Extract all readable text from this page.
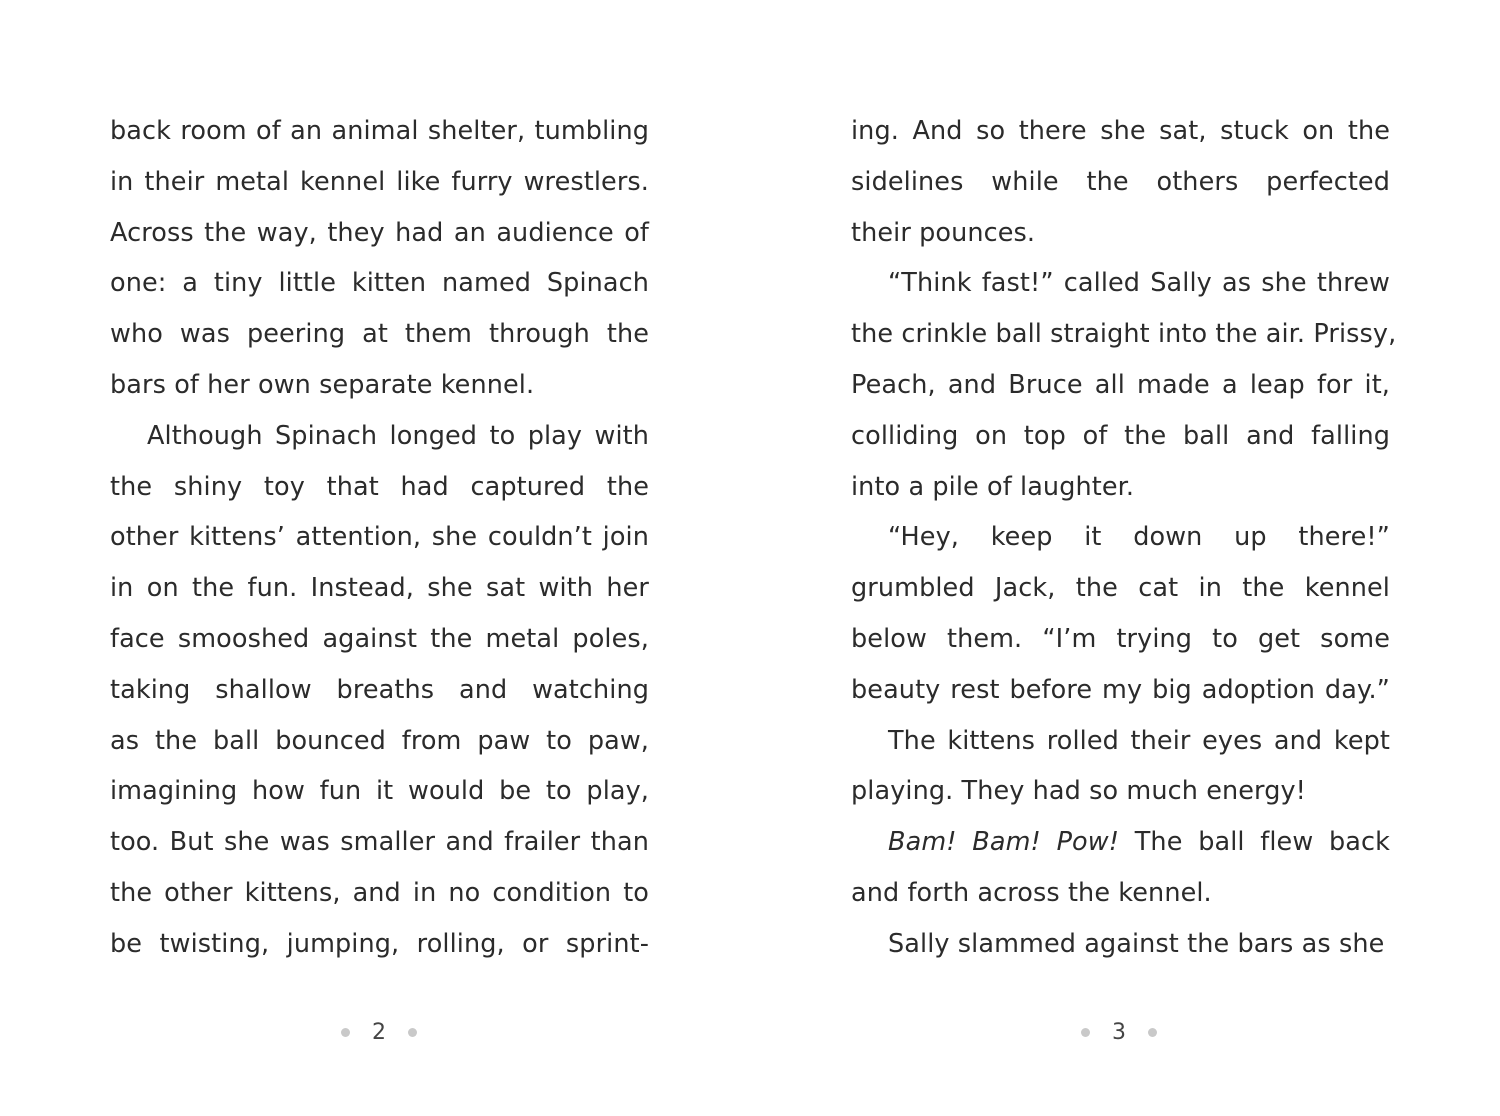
back room of an animal shelter, tumbling
in their metal kennel like furry wrestlers.
Across the way, they had an audience of
one: a tiny little kitten named Spinach
who was peering at them through the
bars of her own separate kennel.
Although Spinach longed to play with
the shiny toy that had captured the
other kittens’ attention, she couldn’t join
in on the fun. Instead, she sat with her
face smooshed against the metal poles,
taking shallow breaths and watching
as the ball bounced from paw to paw,
imagining how fun it would be to play,
too. But she was smaller and frailer than
the other kittens, and in no condition to
be twisting, jumping, rolling, or sprint-
2
ing. And so there she sat, stuck on the
sidelines while the others perfected
their pounces.
“Think fast!” called Sally as she threw
the crinkle ball straight into the air. Prissy,
Peach, and Bruce all made a leap for it,
colliding on top of the ball and falling
into a pile of laughter.
“Hey, keep it down up there!”
grumbled Jack, the cat in the kennel
below them. “I’m trying to get some
beauty rest before my big adoption day.”
The kittens rolled their eyes and kept
playing. They had so much energy!
Bam! Bam! Pow! The ball flew back
and forth across the kennel.
Sally slammed against the bars as she
3
